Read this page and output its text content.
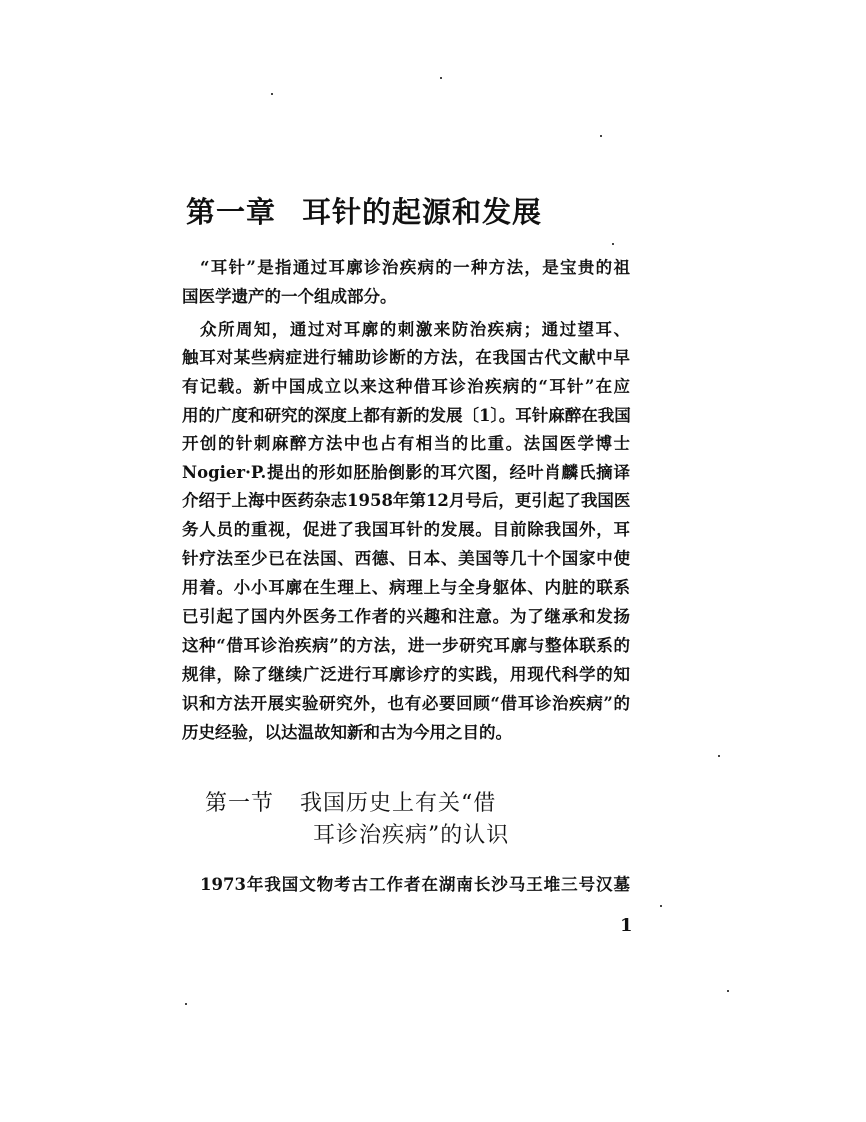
第一章 耳针的起源和发展
“耳针”是指通过耳廓诊治疾病的一种方法，是宝贵的祖
国医学遗产的一个组成部分。
众所周知，通过对耳廓的刺激来防治疾病；通过望耳、
触耳对某些病症进行辅助诊断的方法，在我国古代文献中早
有记载。新中国成立以来这种借耳诊治疾病的“耳针”在应
用的广度和研究的深度上都有新的发展〔1〕。耳针麻醉在我国
开创的针刺麻醉方法中也占有相当的比重。法国医学博士
Nogier·P.提出的形如胚胎倒影的耳穴图，经叶肖麟氏摘译
介绍于上海中医药杂志1958年第12月号后，更引起了我国医
务人员的重视，促进了我国耳针的发展。目前除我国外，耳
针疗法至少已在法国、西德、日本、美国等几十个国家中使
用着。小小耳廓在生理上、病理上与全身躯体、内脏的联系
已引起了国内外医务工作者的兴趣和注意。为了继承和发扬
这种“借耳诊治疾病”的方法，进一步研究耳廓与整体联系的
规律，除了继续广泛进行耳廓诊疗的实践，用现代科学的知
识和方法开展实验研究外，也有必要回顾“借耳诊治疾病”的
历史经验，以达温故知新和古为今用之目的。
第一节 我国历史上有关“借
耳诊治疾病”的认识
1973年我国文物考古工作者在湖南长沙马王堆三号汉墓
1
